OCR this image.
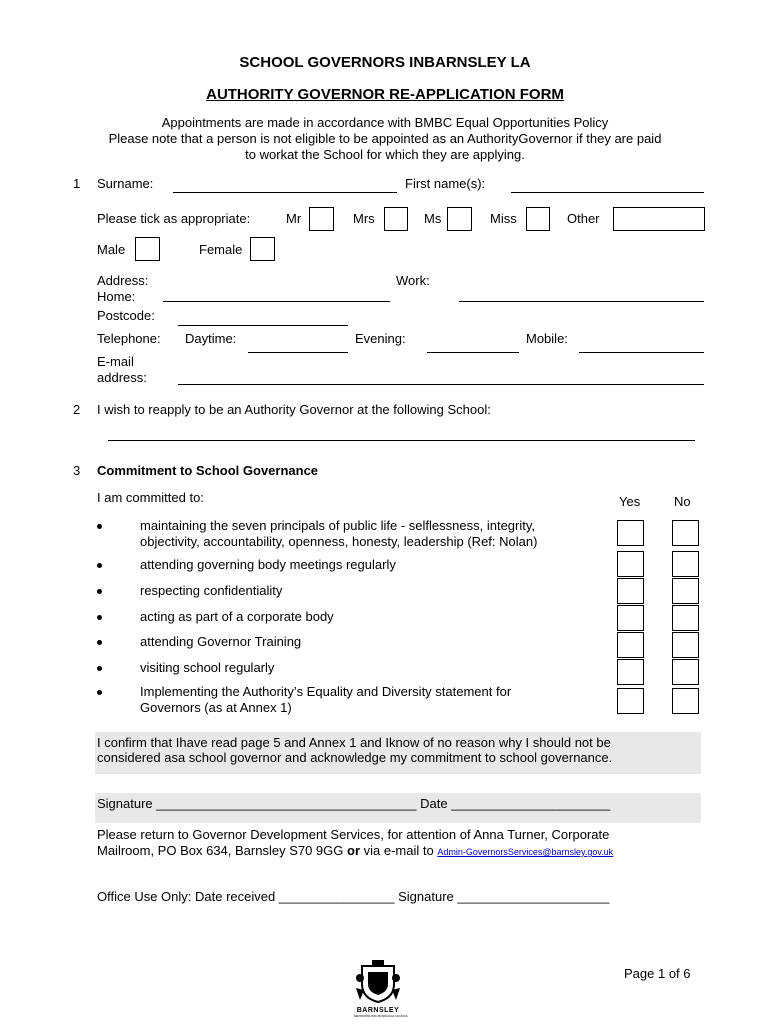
SCHOOL GOVERNORS INBARNSLEY LA
AUTHORITY GOVERNOR RE-APPLICATION FORM
Appointments are made in accordance with BMBC Equal Opportunities Policy
Please note that a person is not eligible to be appointed as an AuthorityGovernor if they are paid
to workat the School for which they are applying.
1 Surname:	First name(s):
Please tick as appropriate:	Mr	Mrs	Ms	Miss	Other
Male	Female
Address:	Work:
Home:
Postcode:
Telephone: Daytime:	Evening:	Mobile:
E-mail
address:
2 I wish to reapply to be an Authority Governor at the following School:
3 Commitment to School Governance
I am committed to:	Yes	No
maintaining the seven principals of public life - selflessness, integrity,
objectivity, accountability, openness, honesty, leadership (Ref: Nolan)
attending governing body meetings regularly
respecting confidentiality
acting as part of a corporate body
attending Governor Training
visiting school regularly
Implementing the Authority’s Equality and Diversity statement for
Governors (as at Annex 1)
I confirm that Ihave read page 5 and Annex 1 and Iknow of no reason why I should not be
considered asa school governor and acknowledge my commitment to school governance.
Signature ____________________________________ Date ______________________
Please return to Governor Development Services, for attention of Anna Turner, Corporate
Mailroom, PO Box 634, Barnsley S70 9GG or via e-mail to Admin-GovernorsServices@barnsley.gov.uk
Office Use Only: Date received ________________ Signature _____________________
BARNSLEY
METROPOLITAN BOROUGH COUNCIL
Page 1 of 6
